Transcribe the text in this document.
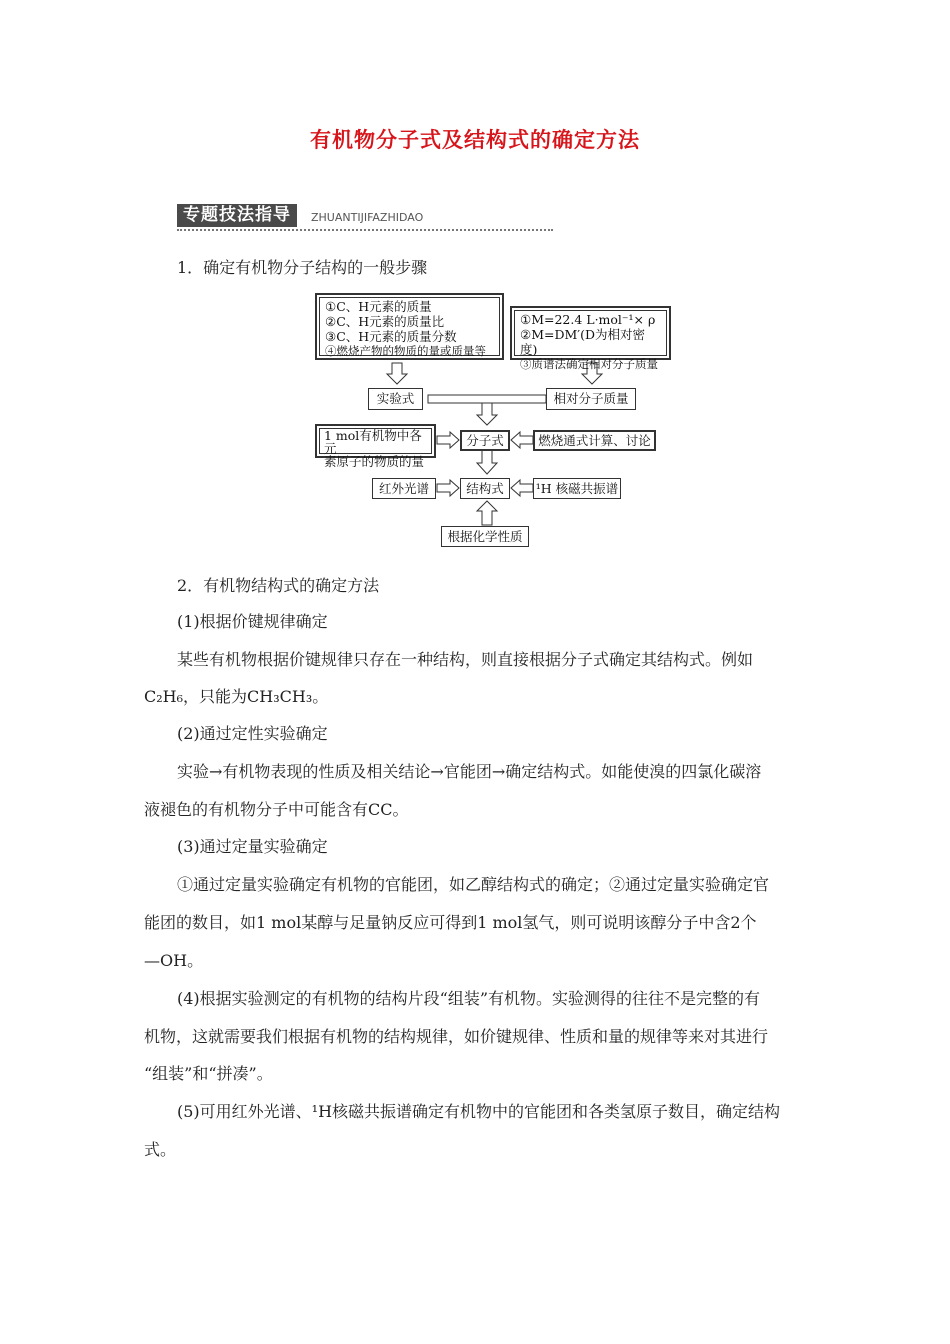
有机物分子式及结构式的确定方法
专题技法指导	ZHUANTIJIFAZHIDAO
1．确定有机物分子结构的一般步骤
①C、H元素的质量
②C、H元素的质量比
③C、H元素的质量分数
④燃烧产物的物质的量或质量等
①M=22.4 L·mol⁻¹× ρ
②M=DM′(D为相对密度)
③质谱法确定相对分子质量
实验式	相对分子质量
1 mol有机物中各元
素原子的物质的量
分子式	燃烧通式计算、讨论
红外光谱	结构式	¹H 核磁共振谱
根据化学性质
2．有机物结构式的确定方法
(1)根据价键规律确定
某些有机物根据价键规律只存在一种结构，则直接根据分子式确定其结构式。例如
C₂H₆，只能为CH₃CH₃。
(2)通过定性实验确定
实验→有机物表现的性质及相关结论→官能团→确定结构式。如能使溴的四氯化碳溶
液褪色的有机物分子中可能含有CC。
(3)通过定量实验确定
①通过定量实验确定有机物的官能团，如乙醇结构式的确定；②通过定量实验确定官
能团的数目，如1 mol某醇与足量钠反应可得到1 mol氢气，则可说明该醇分子中含2个
—OH。
(4)根据实验测定的有机物的结构片段“组装”有机物。实验测得的往往不是完整的有
机物，这就需要我们根据有机物的结构规律，如价键规律、性质和量的规律等来对其进行
“组装”和“拼凑”。
(5)可用红外光谱、¹H核磁共振谱确定有机物中的官能团和各类氢原子数目，确定结构
式。
